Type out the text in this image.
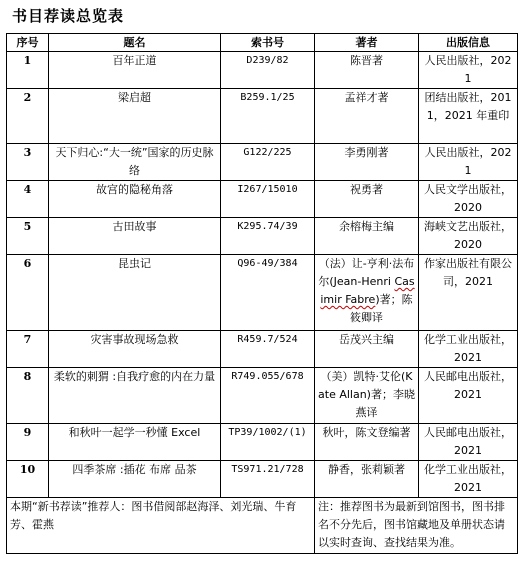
书目荐读总览表
序号	题名	索书号	著者	出版信息
1	百年正道	D239/82	陈晋著	人民出版社，2021
2	梁启超	B259.1/25	孟祥才著	团结出版社，2011，2021 年重印
3	天下归心:“大一统”国家的历史脉络	G122/225	李勇刚著	人民出版社，2021
4	故宫的隐秘角落	I267/15010	祝勇著	人民文学出版社，2020
5	古田故事	K295.74/39	余榕梅主编	海峡文艺出版社，2020
6	昆虫记	Q96-49/384	（法）让-亨利·法布尔(Jean-Henri Casimir Fabre)著；陈筱卿译	作家出版社有限公司，2021
7	灾害事故现场急救	R459.7/524	岳茂兴主编	化学工业出版社，2021
8	柔软的刺猬 :自我疗愈的内在力量	R749.055/678	（美）凯特·艾伦(Kate Allan)著；李晓燕译	人民邮电出版社，2021
9	和秋叶一起学一秒懂 Excel	TP39/1002/(1)	秋叶，陈文登编著	人民邮电出版社，2021
10	四季茶席 :插花 布席 品茶	TS971.21/728	静香，张莉颖著	化学工业出版社，2021
本期“新书荐读”推荐人：图书借阅部赵海泽、刘光瑞、牛育芳、霍燕			注：推荐图书为最新到馆图书，图书排名不分先后，图书馆藏地及单册状态请以实时查询、查找结果为准。	
